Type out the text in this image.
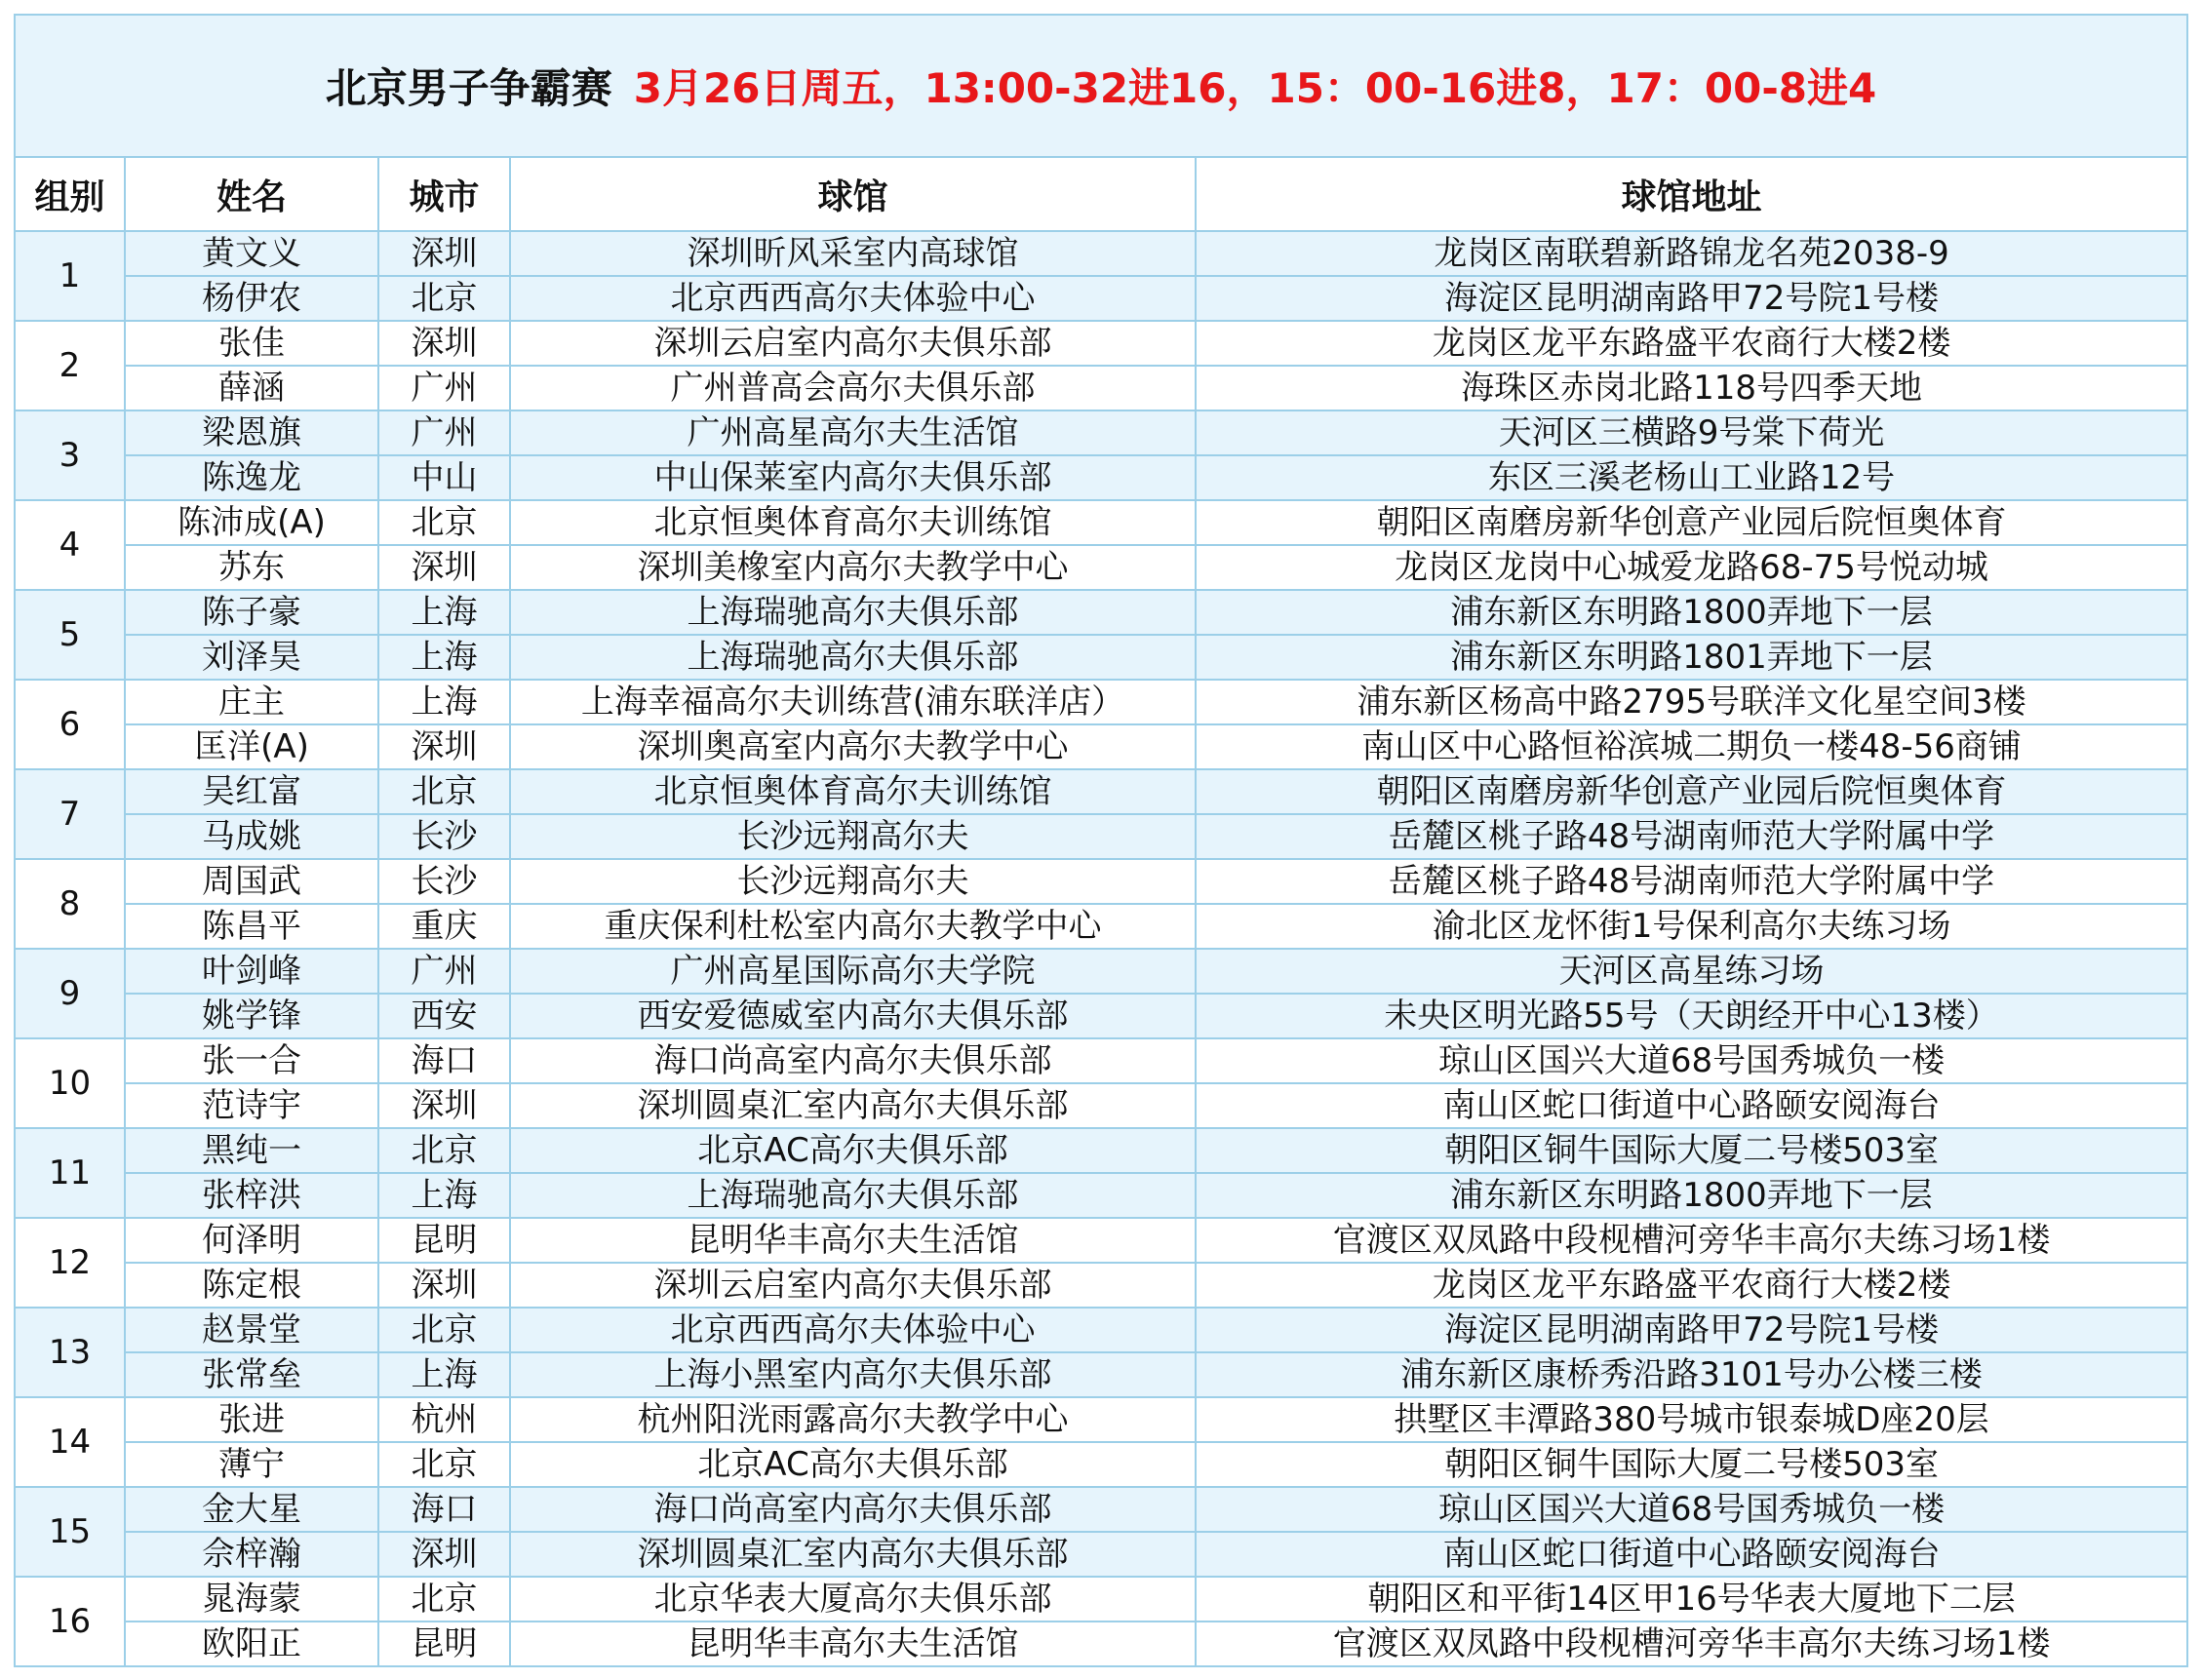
北京男子争霸赛 3月26日周五，13:00-32进16，15：00-16进8，17：00-8进4				
组别	姓名	城市	球馆	球馆地址
1	黄文义	深圳	深圳昕风采室内高球馆	龙岗区南联碧新路锦龙名苑2038-9
	杨伊农	北京	北京西西高尔夫体验中心	海淀区昆明湖南路甲72号院1号楼
2	张佳	深圳	深圳云启室内高尔夫俱乐部	龙岗区龙平东路盛平农商行大楼2楼
	薛涵	广州	广州普高会高尔夫俱乐部	海珠区赤岗北路118号四季天地
3	梁恩旗	广州	广州高星高尔夫生活馆	天河区三横路9号棠下荷光
	陈逸龙	中山	中山保莱室内高尔夫俱乐部	东区三溪老杨山工业路12号
4	陈沛成(A)	北京	北京恒奥体育高尔夫训练馆	朝阳区南磨房新华创意产业园后院恒奥体育
	苏东	深圳	深圳美橡室内高尔夫教学中心	龙岗区龙岗中心城爱龙路68-75号悦动城
5	陈子豪	上海	上海瑞驰高尔夫俱乐部	浦东新区东明路1800弄地下一层
	刘泽昊	上海	上海瑞驰高尔夫俱乐部	浦东新区东明路1801弄地下一层
6	庄主	上海	上海幸福高尔夫训练营(浦东联洋店）	浦东新区杨高中路2795号联洋文化星空间3楼
	匡洋(A)	深圳	深圳奥高室内高尔夫教学中心	南山区中心路恒裕滨城二期负一楼48-56商铺
7	吴红富	北京	北京恒奥体育高尔夫训练馆	朝阳区南磨房新华创意产业园后院恒奥体育
	马成姚	长沙	长沙远翔高尔夫	岳麓区桃子路48号湖南师范大学附属中学
8	周国武	长沙	长沙远翔高尔夫	岳麓区桃子路48号湖南师范大学附属中学
	陈昌平	重庆	重庆保利杜松室内高尔夫教学中心	渝北区龙怀街1号保利高尔夫练习场
9	叶剑峰	广州	广州高星国际高尔夫学院	天河区高星练习场
	姚学锋	西安	西安爱德威室内高尔夫俱乐部	未央区明光路55号（天朗经开中心13楼）
10	张一合	海口	海口尚高室内高尔夫俱乐部	琼山区国兴大道68号国秀城负一楼
	范诗宇	深圳	深圳圆桌汇室内高尔夫俱乐部	南山区蛇口街道中心路颐安阅海台
11	黑纯一	北京	北京AC高尔夫俱乐部	朝阳区铜牛国际大厦二号楼503室
	张梓洪	上海	上海瑞驰高尔夫俱乐部	浦东新区东明路1800弄地下一层
12	何泽明	昆明	昆明华丰高尔夫生活馆	官渡区双凤路中段枧槽河旁华丰高尔夫练习场1楼
	陈定根	深圳	深圳云启室内高尔夫俱乐部	龙岗区龙平东路盛平农商行大楼2楼
13	赵景堂	北京	北京西西高尔夫体验中心	海淀区昆明湖南路甲72号院1号楼
	张常垒	上海	上海小黑室内高尔夫俱乐部	浦东新区康桥秀沿路3101号办公楼三楼
14	张进	杭州	杭州阳洸雨露高尔夫教学中心	拱墅区丰潭路380号城市银泰城D座20层
	薄宁	北京	北京AC高尔夫俱乐部	朝阳区铜牛国际大厦二号楼503室
15	金大星	海口	海口尚高室内高尔夫俱乐部	琼山区国兴大道68号国秀城负一楼
	佘梓瀚	深圳	深圳圆桌汇室内高尔夫俱乐部	南山区蛇口街道中心路颐安阅海台
16	晁海蒙	北京	北京华表大厦高尔夫俱乐部	朝阳区和平街14区甲16号华表大厦地下二层
	欧阳正	昆明	昆明华丰高尔夫生活馆	官渡区双凤路中段枧槽河旁华丰高尔夫练习场1楼
